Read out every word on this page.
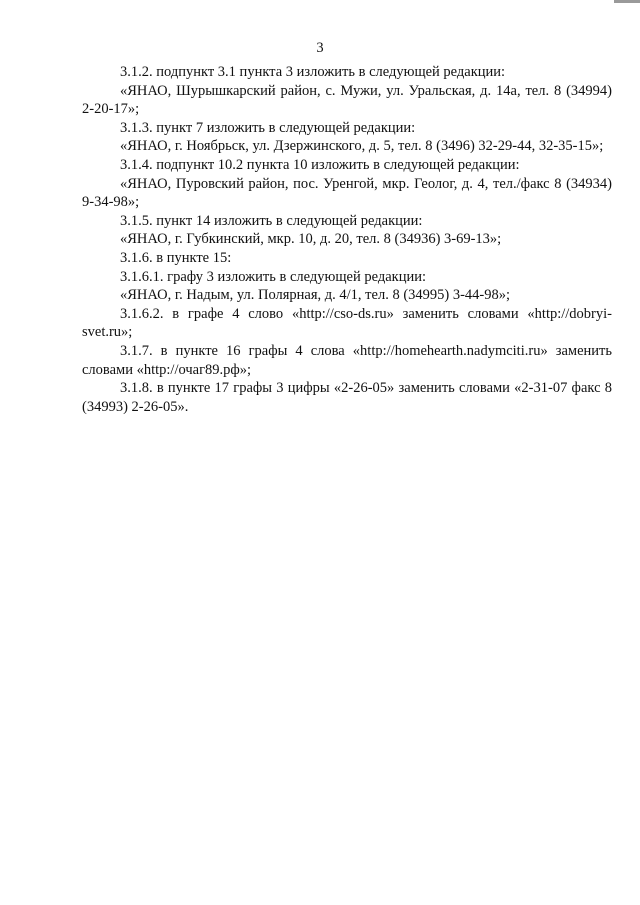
3

3.1.2. подпункт 3.1 пункта 3 изложить в следующей редакции:

«ЯНАО, Шурышкарский район, с. Мужи, ул. Уральская, д. 14а, тел. 8 (34994) 2-20-17»;

3.1.3. пункт 7 изложить в следующей редакции:

«ЯНАО, г. Ноябрьск, ул. Дзержинского, д. 5, тел. 8 (3496) 32-29-44, 32-35-15»;

3.1.4. подпункт 10.2 пункта 10 изложить в следующей редакции:

«ЯНАО, Пуровский район, пос. Уренгой, мкр. Геолог, д. 4, тел./факс 8 (34934) 9-34-98»;

3.1.5. пункт 14 изложить в следующей редакции:

«ЯНАО, г. Губкинский, мкр. 10, д. 20, тел. 8 (34936) 3-69-13»;

3.1.6. в пункте 15:

3.1.6.1. графу 3 изложить в следующей редакции:

«ЯНАО, г. Надым, ул. Полярная, д. 4/1, тел. 8 (34995) 3-44-98»;

3.1.6.2. в графе 4 слово «http://cso-ds.ru» заменить словами «http://dobryi-svet.ru»;

3.1.7. в пункте 16 графы 4 слова «http://homehearth.nadymciti.ru» заменить словами «http://очаг89.рф»;

3.1.8. в пункте 17 графы 3 цифры «2-26-05» заменить словами «2-31-07 факс 8 (34993) 2-26-05».
